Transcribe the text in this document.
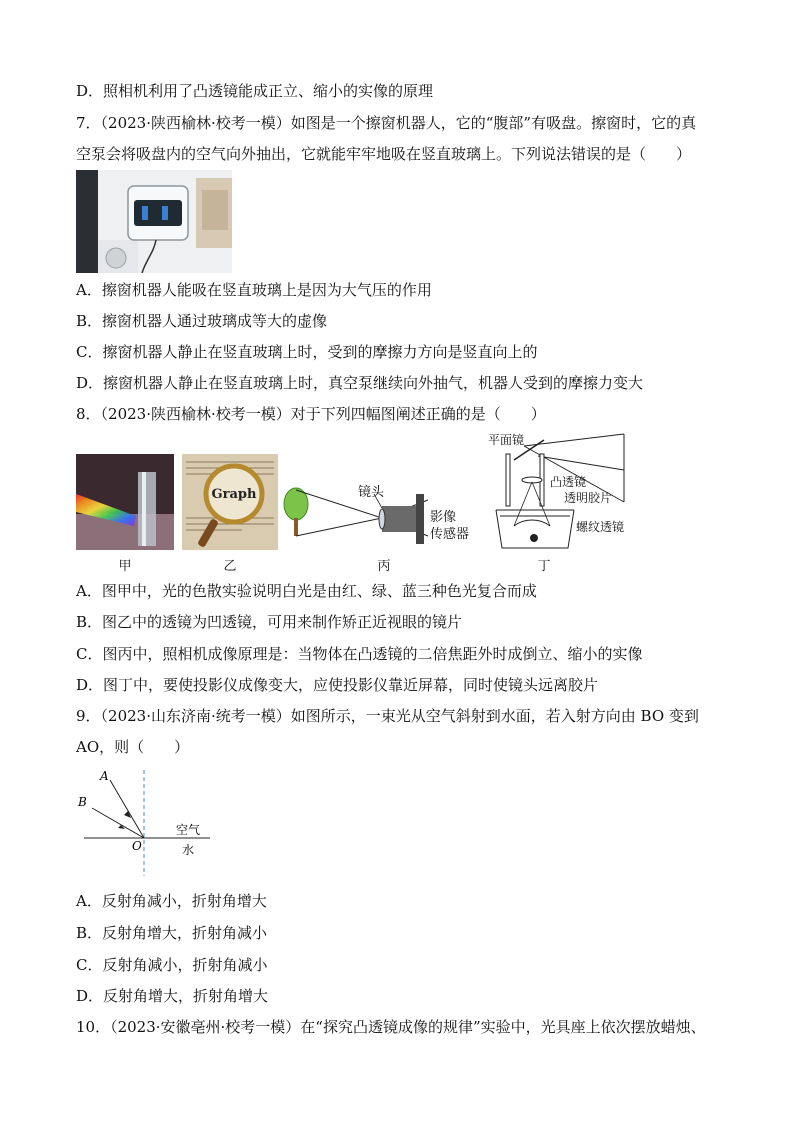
D．照相机利用了凸透镜能成正立、缩小的实像的原理
7．（2023·陕西榆林·校考一模）如图是一个擦窗机器人，它的“腹部”有吸盘。擦窗时，它的真
空泵会将吸盘内的空气向外抽出，它就能牢牢地吸在竖直玻璃上。下列说法错误的是（　　）
A．擦窗机器人能吸在竖直玻璃上是因为大气压的作用
B．擦窗机器人通过玻璃成等大的虚像
C．擦窗机器人静止在竖直玻璃上时，受到的摩擦力方向是竖直向上的
D．擦窗机器人静止在竖直玻璃上时，真空泵继续向外抽气，机器人受到的摩擦力变大
8．（2023·陕西榆林·校考一模）对于下列四幅图阐述正确的是（　　）
甲
Graph
乙
镜头
影像
传感器
丙
平面镜
凸透镜
透明胶片
螺纹透镜
丁
A．图甲中，光的色散实验说明白光是由红、绿、蓝三种色光复合而成
B．图乙中的透镜为凹透镜，可用来制作矫正近视眼的镜片
C．图丙中，照相机成像原理是：当物体在凸透镜的二倍焦距外时成倒立、缩小的实像
D．图丁中，要使投影仪成像变大，应使投影仪靠近屏幕，同时使镜头远离胶片
9．（2023·山东济南·统考一模）如图所示，一束光从空气斜射到水面，若入射方向由 BO 变到
AO，则（　　）
A
B
O
空气
水
A．反射角减小，折射角增大
B．反射角增大，折射角减小
C．反射角减小，折射角减小
D．反射角增大，折射角增大
10．（2023·安徽亳州·校考一模）在“探究凸透镜成像的规律”实验中，光具座上依次摆放蜡烛、
